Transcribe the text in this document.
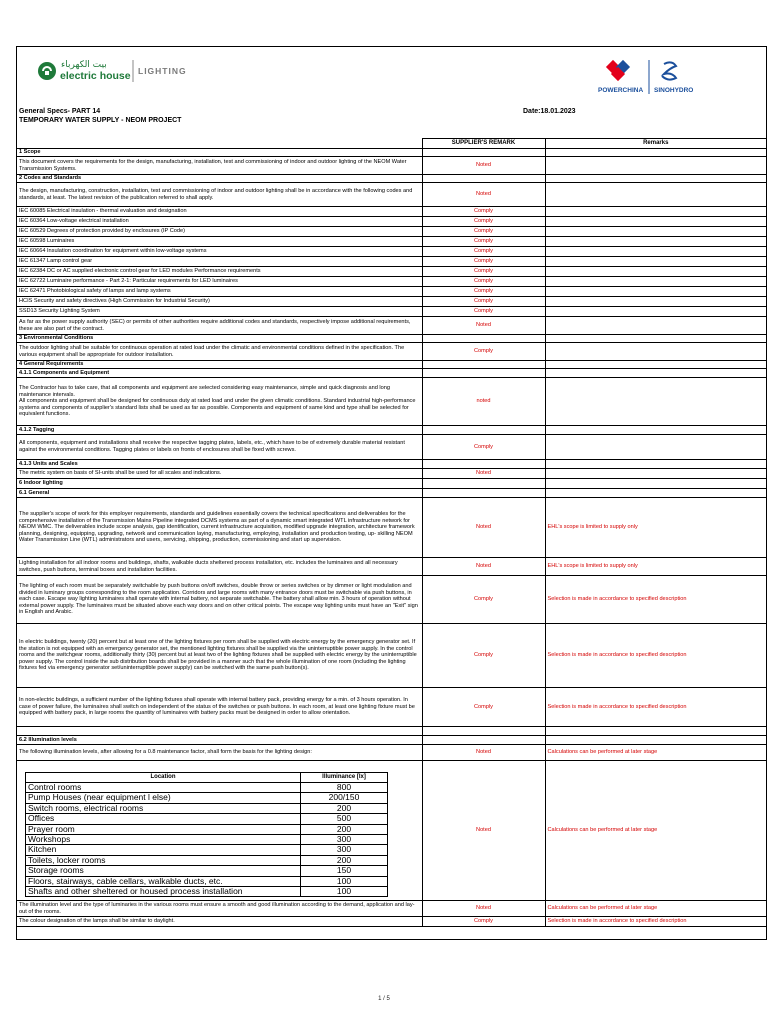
بيت الكهرباء
electric house LIGHTING
POWERCHINA SINOHYDRO
General Specs- PART 14
TEMPORARY WATER SUPPLY - NEOM PROJECT
Date:18.01.2023
	SUPPLIER'S REMARK	Remarks
1 Scope		
This document covers the requirements for the design, manufacturing, installation, test and commissioning of indoor and outdoor lighting of the NEOM Water Transmission Systems.	Noted	
2 Codes and Standards		
The design, manufacturing, construction, installation, test and commissioning of indoor and outdoor lighting shall be in accordance with the following codes and standards, at least. The latest revision of the publication referred to shall apply.	Noted	
IEC 60085 Electrical insulation - thermal evaluation and designation	Comply	
IEC 60364 Low-voltage electrical installation	Comply	
IEC 60529 Degrees of protection provided by enclosures (IP Code)	Comply	
IEC 60598 Luminaires	Comply	
IEC 60664 Insulation coordination for equipment within low-voltage systems	Comply	
IEC 61347 Lamp control gear	Comply	
IEC 62384 DC or AC supplied electronic control gear for LED modules Performance requirements	Comply	
IEC 62722 Luminaire performance - Part 2-1: Particular requirements for LED luminaires	Comply	
IEC 62471 Photobiological safety of lamps and lamp systems	Comply	
HCIS Security and safety directives (High Commission for Industrial Security)	Comply	
SSD13 Security Lighting System	Comply	
As far as the power supply authority (SEC) or permits of other authorities require additional codes and standards, respectively impose additional requirements, these are also part of the contract.	Noted	
3 Environmental Conditions		
The outdoor lighting shall be suitable for continuous operation at rated load under the climatic and environmental conditions defined in the specification. The various equipment shall be appropriate for outdoor installation.	Comply	
4 General Requirements		
4.1.1 Components and Equipment		
The Contractor has to take care, that all components and equipment are selected considering easy maintenance, simple and quick diagnosis and long maintenance intervals.
All components and equipment shall be designed for continuous duty at rated load and under the given climatic conditions. Standard industrial high-performance systems and components of supplier's standard lists shall be used as far as possible. Components and equipment of same kind and type shall be selected for equivalent functions.	noted	
4.1.2 Tagging		
All components, equipment and installations shall receive the respective tagging plates, labels, etc., which have to be of extremely durable material resistant against the environmental conditions. Tagging plates or labels on fronts of enclosures shall be fixed with screws.	Comply	
4.1.3 Units and Scales		
The metric system on basis of SI-units shall be used for all scales and indications.	Noted	
6 Indoor lighting		
6.1 General		
The supplier's scope of work for this employer requirements, standards and guidelines essentially covers the technical specifications and deliverables for the comprehensive installation of the Transmission Mains Pipeline integrated DCMS systems as part of a dynamic smart integrated WTL infrastructure network for NEOM WMC. The deliverables include scope analysis, gap identification, current infrastructure acquisition, modified upgrade integration, architecture framework planning, designing, equipping, upgrading, network and communication laying, manufacturing, employing, installation and production testing, up- skilling NEOM Water Transmission Line (WTL) administrators and users, servicing, shipping, production, commissioning and start up supervision.	Noted	EHL's scope is limited to supply only
Lighting installation for all indoor rooms and buildings, shafts, walkable ducts sheltered process installation, etc. includes the luminaires and all necessary switches, push buttons, terminal boxes and installation facilities.	Noted	EHL's scope is limited to supply only
The lighting of each room must be separately switchable by push buttons on/off switches, double throw or series switches or by dimmer or light modulation and divided in luminary groups corresponding to the room application. Corridors and large rooms with many entrance doors must be switchable via push buttons, in each case. Escape way lighting luminaires shall operate with internal battery, not separate switchable. The battery shall allow min. 3 hours of operation without external power supply. The luminaires must be situated above each way doors and on other critical points. The escape way lighting units must have an "Exit" sign in English and Arabic.	Comply	Selection is made in accordance to specified description
In electric buildings, twenty (20) percent but at least one of the lighting fixtures per room shall be supplied with electric energy by the emergency generator set. If the station is not equipped with an emergency generator set, the mentioned lighting fixtures shall be supplied via the uninterruptible power supply. In the control rooms and the switchgear rooms, additionally thirty (30) percent but at least two of the lighting fixtures shall be supplied with electric energy by the uninterruptible power supply. The control inside the sub distribution boards shall be provided in a manner such that the whole illumination of one room (including the lighting fixtures fed via emergency generator set/uninterruptible power supply) can be switched with the same push button(s).	Comply	Selection is made in accordance to specified description
In non-electric buildings, a sufficient number of the lighting fixtures shall operate with internal battery pack, providing energy for a min. of 3 hours operation. In case of power failure, the luminaires shall switch on independent of the status of the switches or push buttons. In each room, at least one lighting fixture must be equipped with battery pack, in large rooms the quantity of luminaires with battery packs must be designed in order to allow orientation.	Comply	Selection is made in accordance to specified description

6.2 Illumination levels		
The following illumination levels, after allowing for a 0.8 maintenance factor, shall form the basis for the lighting design:	Noted	Calculations can be performed at later stage

Location	Illuminance [lx]
Control rooms	800
Pump Houses (near equipment l else)	200/150
Switch rooms, electrical rooms	200
Offices	500
Prayer room	200
Workshops	300
Kitchen	300
Toilets, locker rooms	200
Storage rooms	150
Floors, stairways, cable cellars, walkable ducts, etc.	100
Shafts and other sheltered or housed process installation	100
	Noted	Calculations can be performed at later stage
The illumination level and the type of luminaries in the various rooms must ensure a smooth and good illumination according to the demand, application and lay-out of the rooms.	Noted	Calculations can be performed at later stage
The colour designation of the lamps shall be similar to daylight.	Comply	Selection is made in accordance to specified description
1 / 5
